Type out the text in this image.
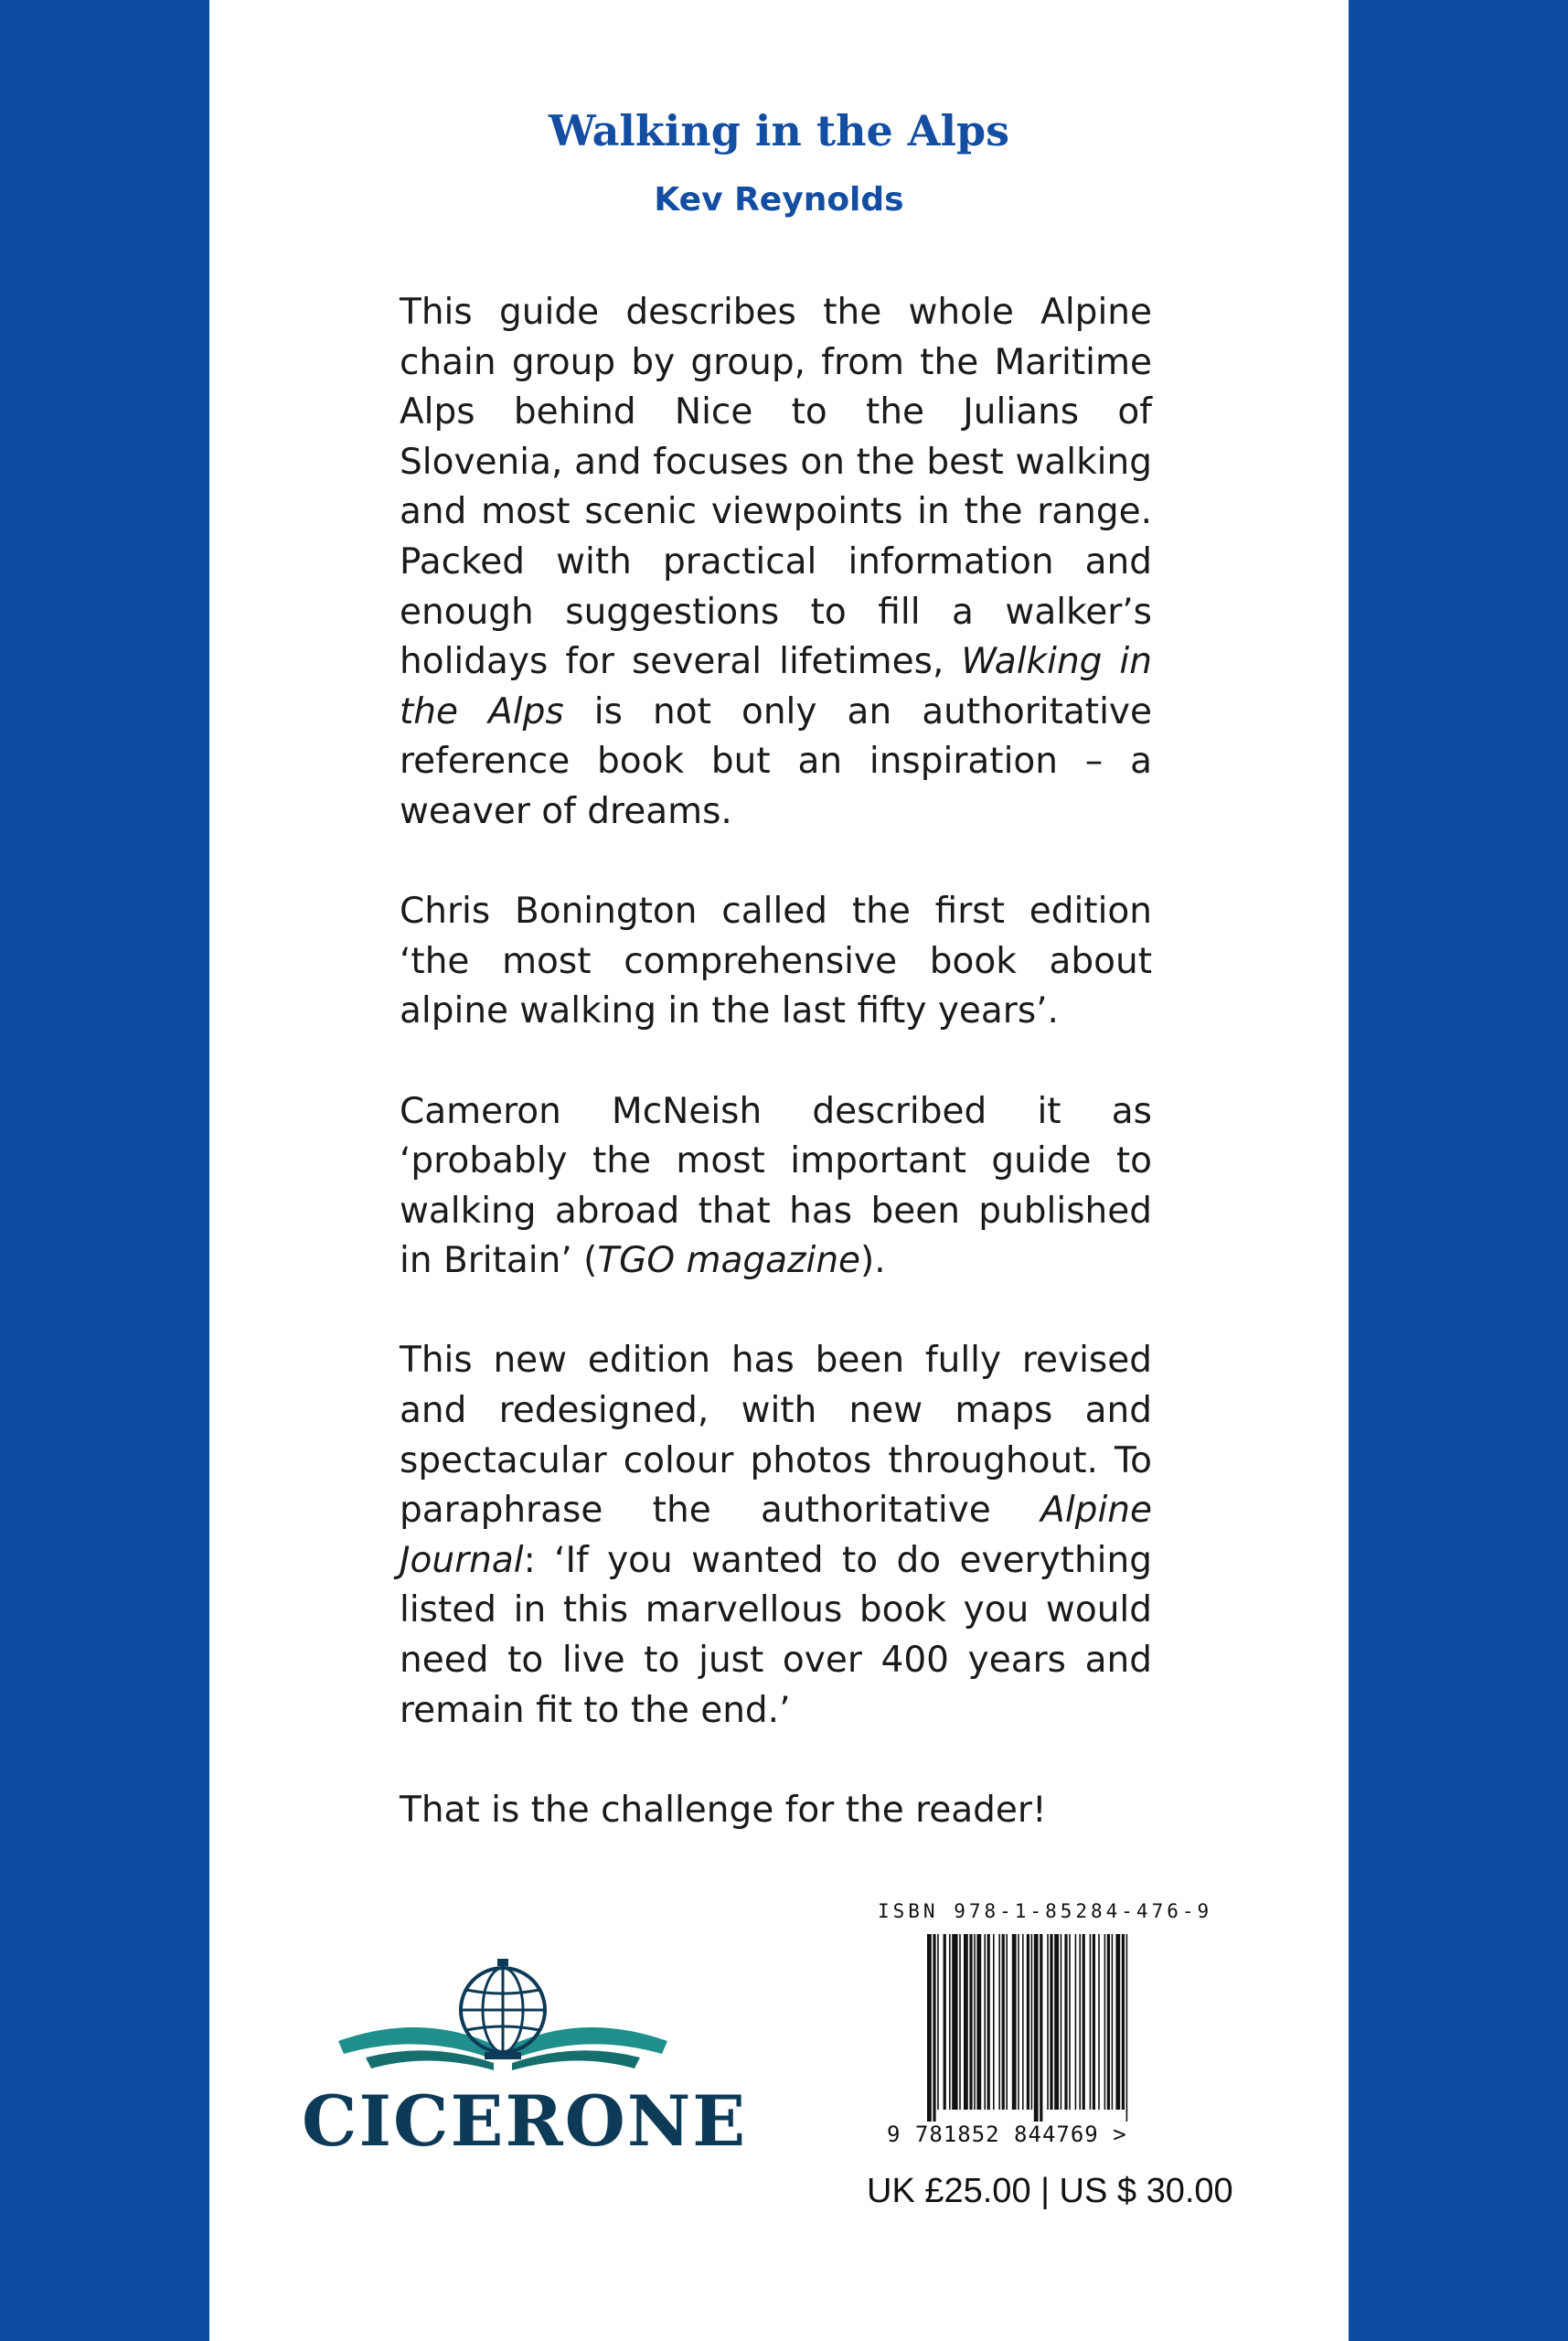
Walking in the Alps
Kev Reynolds

This guide describes the whole Alpine chain group by group, from the Maritime Alps behind Nice to the Julians of Slovenia, and focuses on the best walking and most scenic viewpoints in the range. Packed with practical information and enough suggestions to fill a walker’s holidays for several lifetimes, Walking in the Alps is not only an authoritative reference book but an inspiration – a weaver of dreams.

Chris Bonington called the first edition ‘the most comprehensive book about alpine walking in the last fifty years’.

Cameron McNeish described it as ‘probably the most important guide to walking abroad that has been published in Britain’ (TGO magazine).

This new edition has been fully revised and redesigned, with new maps and spectacular colour photos throughout. To paraphrase the authoritative Alpine Journal: ‘If you wanted to do everything listed in this marvellous book you would need to live to just over 400 years and remain fit to the end.’

That is the challenge for the reader!

CICERONE
ISBN 978-1-85284-476-9
9 781852 844769 >
UK £25.00 | US $ 30.00
